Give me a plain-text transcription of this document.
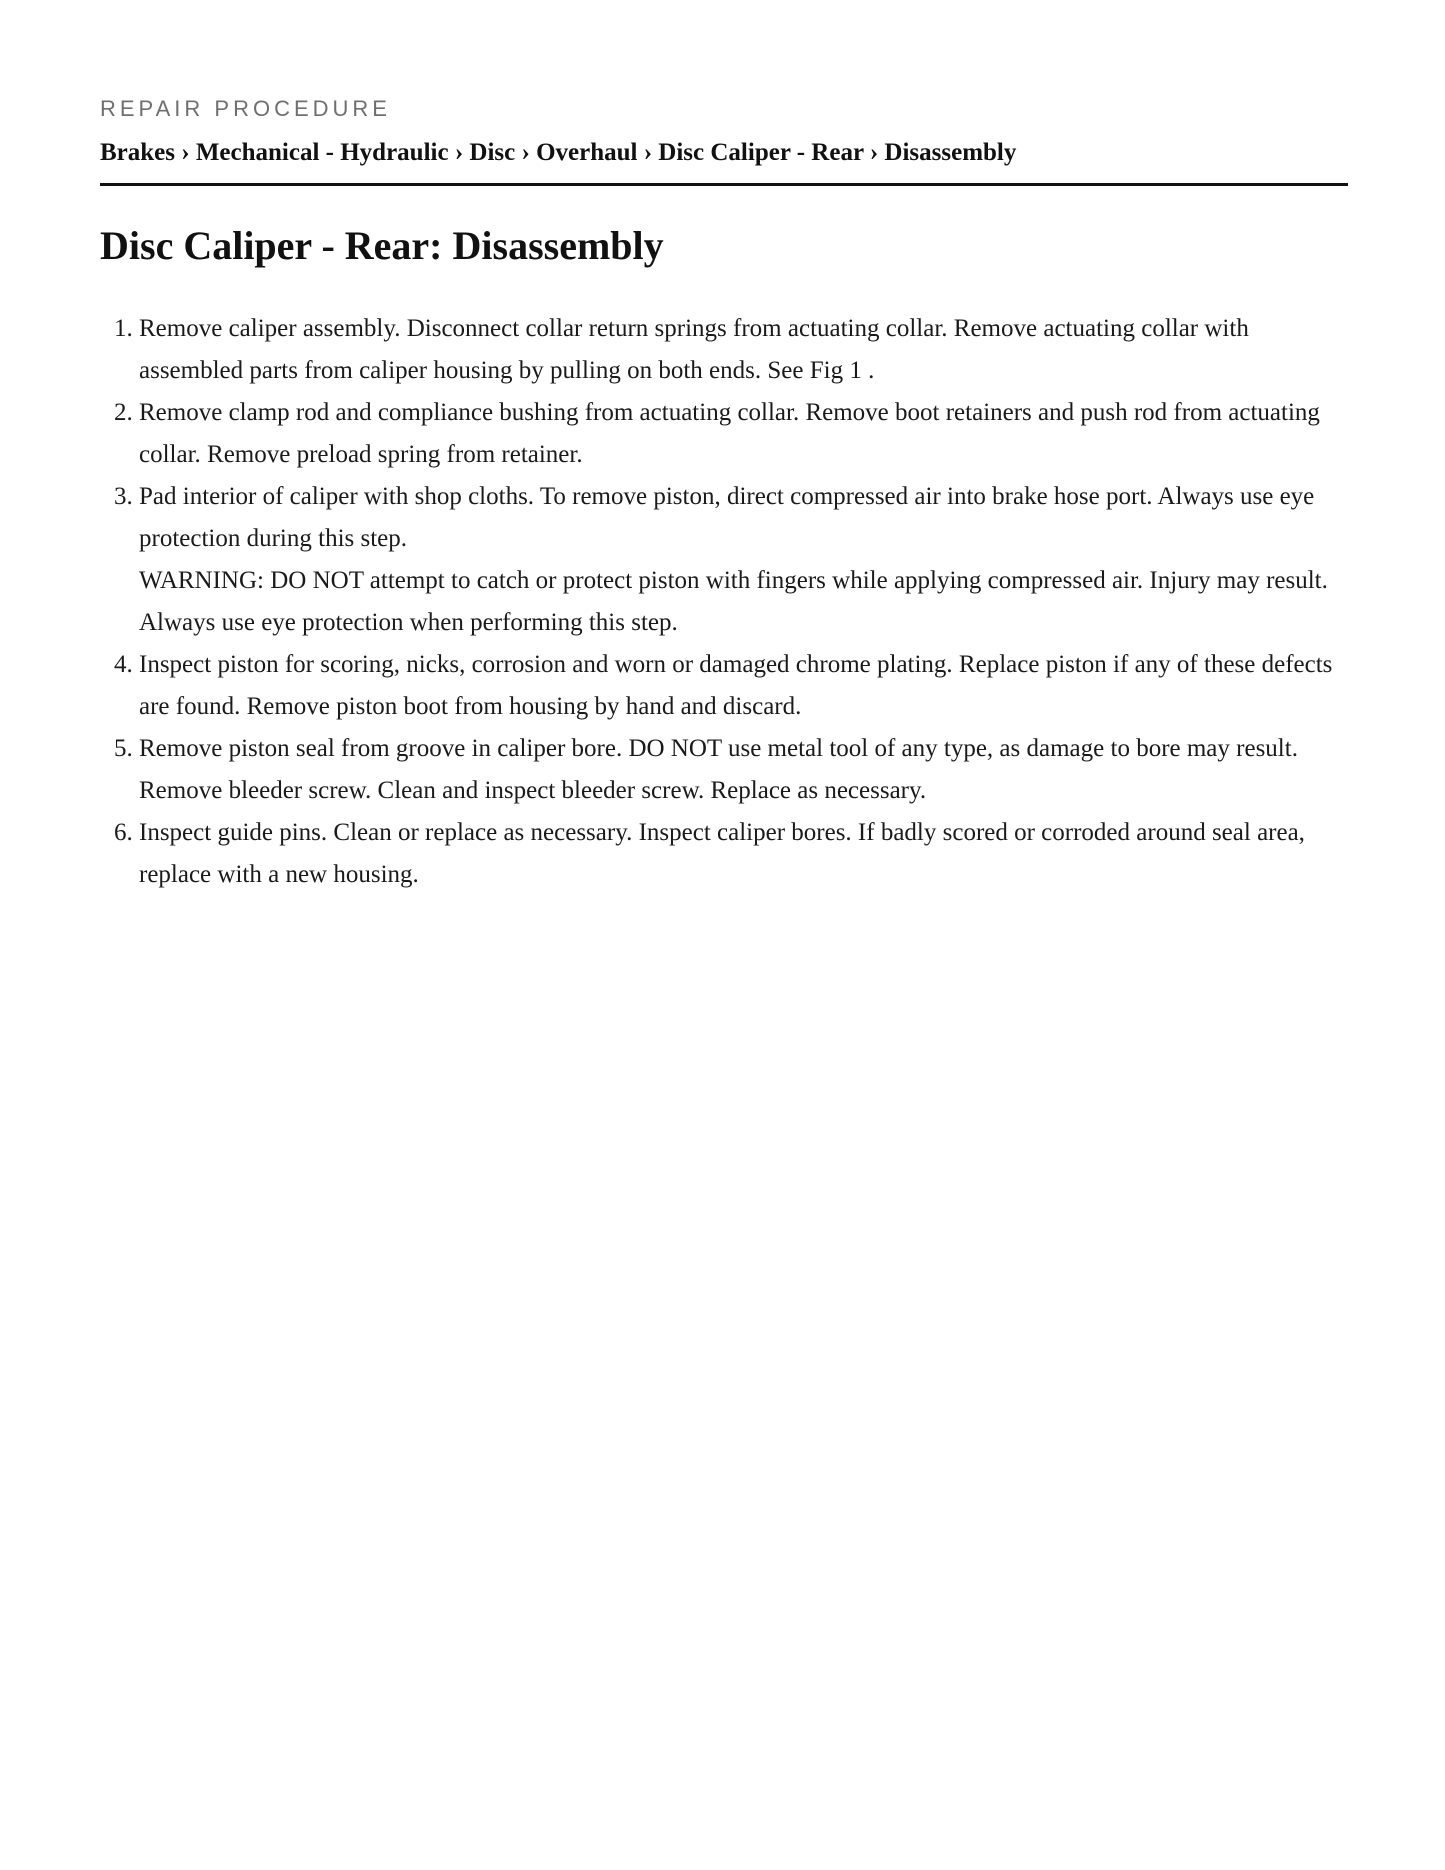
REPAIR PROCEDURE
Brakes › Mechanical - Hydraulic › Disc › Overhaul › Disc Caliper - Rear › Disassembly
Disc Caliper - Rear: Disassembly
1. Remove caliper assembly. Disconnect collar return springs from actuating collar. Remove actuating collar with assembled parts from caliper housing by pulling on both ends. See Fig 1 .
2. Remove clamp rod and compliance bushing from actuating collar. Remove boot retainers and push rod from actuating collar. Remove preload spring from retainer.
3. Pad interior of caliper with shop cloths. To remove piston, direct compressed air into brake hose port. Always use eye protection during this step.
WARNING: DO NOT attempt to catch or protect piston with fingers while applying compressed air. Injury may result. Always use eye protection when performing this step.
4. Inspect piston for scoring, nicks, corrosion and worn or damaged chrome plating. Replace piston if any of these defects are found. Remove piston boot from housing by hand and discard.
5. Remove piston seal from groove in caliper bore. DO NOT use metal tool of any type, as damage to bore may result. Remove bleeder screw. Clean and inspect bleeder screw. Replace as necessary.
6. Inspect guide pins. Clean or replace as necessary. Inspect caliper bores. If badly scored or corroded around seal area, replace with a new housing.
